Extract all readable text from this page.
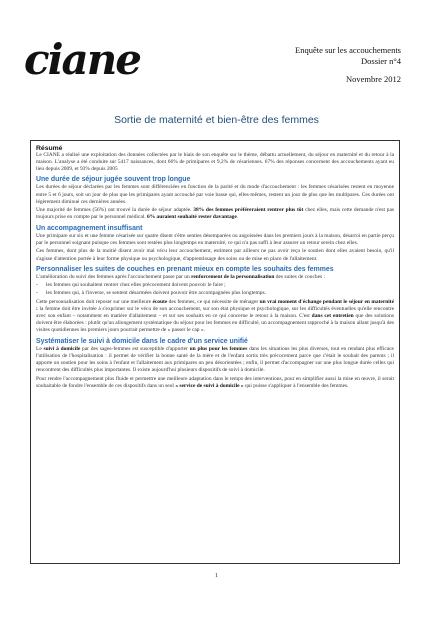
ciane	Enquête sur les accouchements
Dossier n°4
Novembre 2012
Sortie de maternité et bien-être des femmes
Résumé

Le CIANE a réalisé une exploitation des données collectées par le biais de son enquête sur le thème, débattu actuellement, du séjour en maternité et du retour à la maison. L'analyse a été conduite sur 5417 naissances, dont 66% de primipares et 9,2% de césariennes. 67% des réponses concernent des accouchements ayant eu lieu depuis 2009, et 93% depuis 2005

Une durée de séjour jugée souvent trop longue

Les durées de séjour déclarées par les femmes sont différenciées en fonction de la parité et du mode d'accouchement : les femmes césarisées restent en moyenne entre 5 et 6 jours, soit un jour de plus que les primipares ayant accouché par voie basse qui, elles-mêmes, restent un jour de plus que les multipares. Ces durées ont légèrement diminué ces dernières années.

Une majorité de femmes (56%) ont trouvé la durée de séjour adaptée. 38% des femmes préféreraient rentrer plus tôt chez elles, mais cette demande n'est pas toujours prise en compte par le personnel médical. 6% auraient souhaité rester davantage.

Un accompagnement insuffisant

Une primipare sur six et une femme césarisée sur quatre disent s'être senties désemparées ou angoissées dans les premiers jours à la maison, désarroi en partie perçu par le personnel soignant puisque ces femmes sont restées plus longtemps en maternité, ce qui n'a pas suffi à leur assurer un retour serein chez elles.

Ces femmes, dont plus de la moitié disent avoir mal vécu leur accouchement, estiment par ailleurs ne pas avoir reçu le soutien dont elles avaient besoin, qu'il s'agisse d'attention portée à leur forme physique ou psychologique, d'apprentissage des soins ou de mise en place de l'allaitement.

Personnaliser les suites de couches en prenant mieux en compte les souhaits des femmes

L'amélioration du suivi des femmes après l'accouchement passe par un renforcement de la personnalisation des suites de couches :

- les femmes qui souhaitent rentrer chez elles précocement doivent pouvoir le faire ;
- les femmes qui, à l'inverse, se sentent désarmées doivent pouvoir être accompagnées plus longtemps.

Cette personnalisation doit reposer sur une meilleure écoute des femmes, ce qui nécessite de ménager un vrai moment d'échange pendant le séjour en maternité : la femme doit être invitée à s'exprimer sur le vécu de son accouchement, sur son état physique et psychologique, sur les difficultés éventuelles qu'elle rencontre avec son enfant – notamment en matière d'allaitement – et sur ses souhaits en ce qui concerne le retour à la maison. C'est dans cet entretien que des solutions doivent être élaborées : plutôt qu'un allongement systématique du séjour pour les femmes en difficulté, un accompagnement rapproché à la maison allant jusqu'à des visites quotidiennes les premiers jours pourrait permettre de « passer le cap ».

Systématiser le suivi à domicile dans le cadre d'un service unifié

Le suivi à domicile par des sages-femmes est susceptible d'apporter un plus pour les femmes dans les situations les plus diverses, tout en rendant plus efficace l'utilisation de l'hospitalisation : il permet de vérifier la bonne santé de la mère et de l'enfant sortis très précocement parce que c'était le souhait des parents ; il apporte un soutien pour les soins à l'enfant et l'allaitement aux primipares un peu désorientées ; enfin, il permet d'accompagner sur une plus longue durée celles qui rencontrent des difficultés plus importantes. Il existe aujourd'hui plusieurs dispositifs de suivi à domicile.

Pour rendre l'accompagnement plus fluide et permettre une meilleure adaptation dans le temps des interventions, pour en simplifier aussi la mise en œuvre, il serait souhaitable de fondre l'ensemble de ces dispositifs dans un seul « service de suivi à domicile » qui puisse s'appliquer à l'ensemble des femmes.

1
